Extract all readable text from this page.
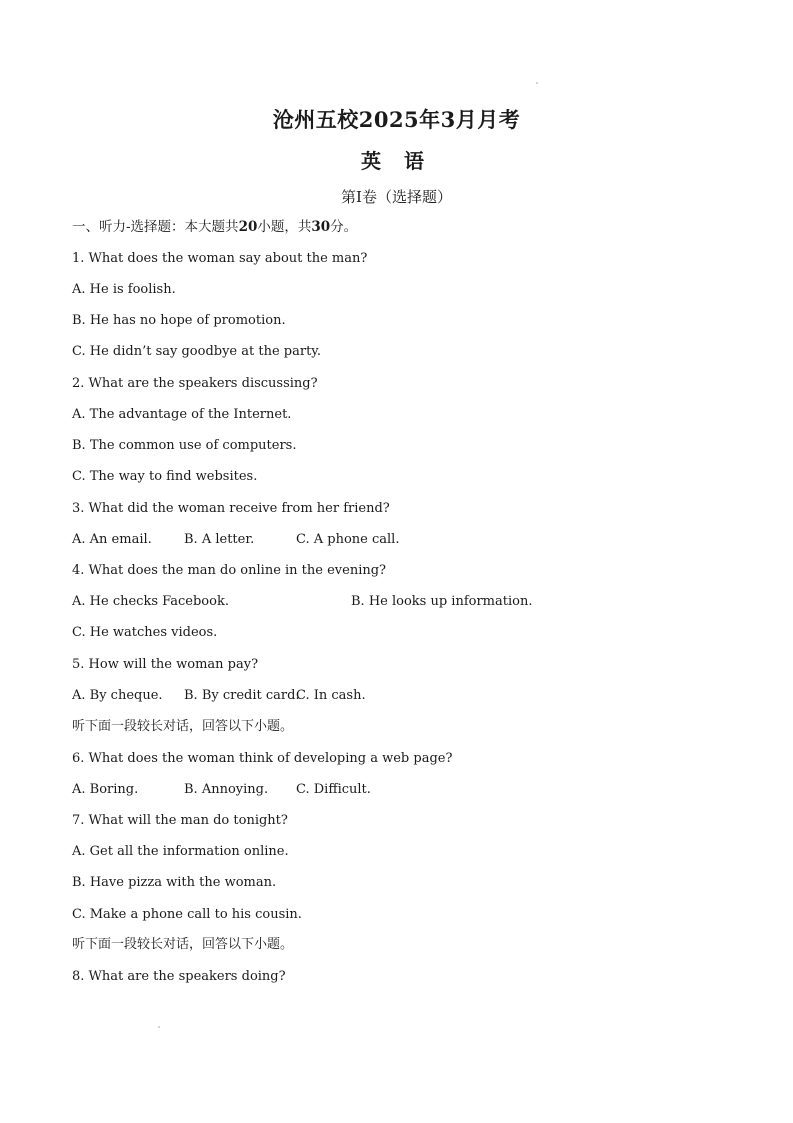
沧州五校2025年3月月考
英 语
第I卷（选择题）
一、听力-选择题：本大题共20小题，共30分。
1. What does the woman say about the man?
A. He is foolish.
B. He has no hope of promotion.
C. He didn’t say goodbye at the party.
2. What are the speakers discussing?
A. The advantage of the Internet.
B. The common use of computers.
C. The way to find websites.
3. What did the woman receive from her friend?
A. An email. B. A letter.	C. A phone call.
4. What does the man do online in the evening?
A. He checks Facebook.	B. He looks up information.
C. He watches videos.
5. How will the woman pay?
A. By cheque. B. By credit card.
C. In cash.
听下面一段较长对话，回答以下小题。
6. What does the woman think of developing a web page?
A. Boring.	B. Annoying. C. Difficult.
7. What will the man do tonight?
A. Get all the information online.
B. Have pizza with the woman.
C. Make a phone call to his cousin.
听下面一段较长对话，回答以下小题。
8. What are the speakers doing?
